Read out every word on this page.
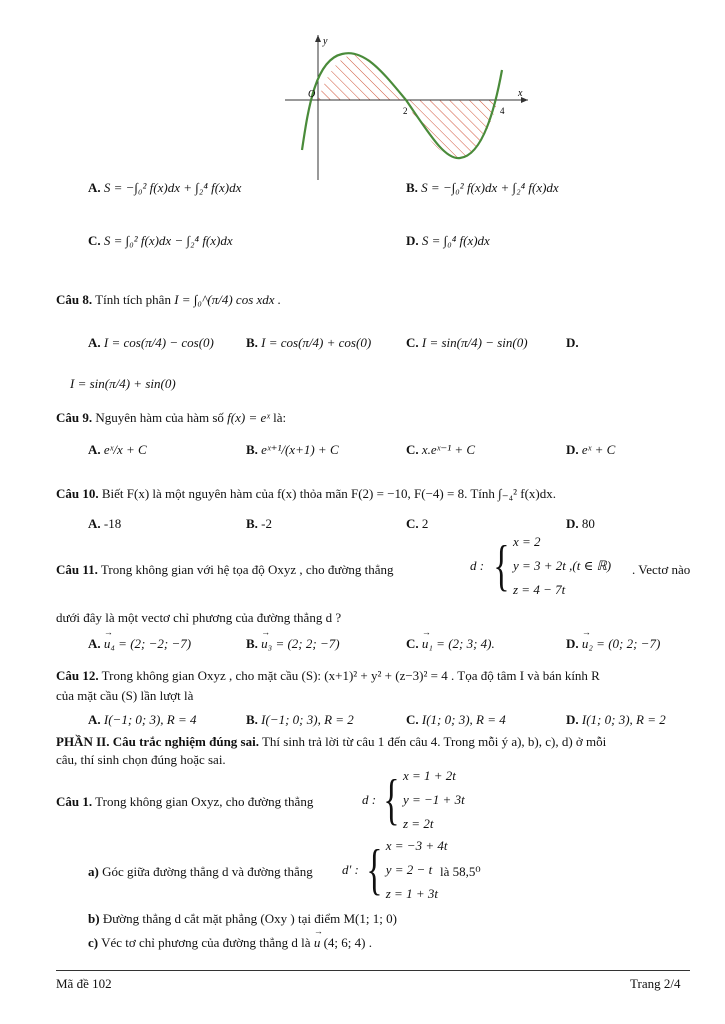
y
x
O
2	4
A. S = −∫₀² f(x)dx + ∫₂⁴ f(x)dx	B. S = −∫₀² f(x)dx + ∫₂⁴ f(x)dx
C. S = ∫₀² f(x)dx − ∫₂⁴ f(x)dx	D. S = ∫₀⁴ f(x)dx
Câu 8. Tính tích phân I = ∫₀^(π/4) cos xdx .
A. I = cos(π/4) − cos(0) B. I = cos(π/4) + cos(0)	C. I = sin(π/4) − sin(0)	D.
I = sin(π/4) + sin(0)
Câu 9. Nguyên hàm của hàm số f(x) = eˣ là:
A. eˣ/x + C	B. eˣ⁺¹/(x+1) + C	C. x.eˣ⁻¹ + C	D. eˣ + C
Câu 10. Biết F(x) là một nguyên hàm của f(x) thỏa mãn F(2) = −10, F(−4) = 8. Tính ∫₋₄² f(x)dx.
A. -18	B. -2	C. 2	D. 80
Câu 11. Trong không gian với hệ tọa độ Oxyz , cho đường thẳng	d : { x = 2
y = 3 + 2t ,(t ∈ ℝ)
z = 4 − 7t
. Vectơ nào
dưới đây là một vectơ chỉ phương của đường thẳng d ?
A. → u₄ = (2; −2; −7)	B. → u₃ = (2; 2; −7)	C. → u₁ = (2; 3; 4).	D. → u₂ = (0; 2; −7)
Câu 12. Trong không gian Oxyz , cho mặt cầu (S): (x+1)² + y² + (z−3)² = 4 . Tọa độ tâm I và bán kính R
của mặt cầu (S) lần lượt là
A. I(−1; 0; 3), R = 4	B. I(−1; 0; 3), R = 2	C. I(1; 0; 3), R = 4	D. I(1; 0; 3), R = 2
PHẦN II. Câu trắc nghiệm đúng sai. Thí sinh trả lời từ câu 1 đến câu 4. Trong mỗi ý a), b), c), d) ở mỗi
câu, thí sinh chọn đúng hoặc sai.
Câu 1. Trong không gian Oxyz, cho đường thẳng	d : { x = 1 + 2t
y = −1 + 3t
z = 2t
a) Góc giữa đường thẳng d và đường thẳng d' : { x = −3 + 4t
y = 2 − t
z = 1 + 3t
là 58,5⁰
b) Đường thẳng d cắt mặt phẳng (Oxy ) tại điểm M(1; 1; 0)
c) Véc tơ chỉ phương của đường thẳng d là → u (4; 6; 4) .
Mã đề 102	Trang 2/4
